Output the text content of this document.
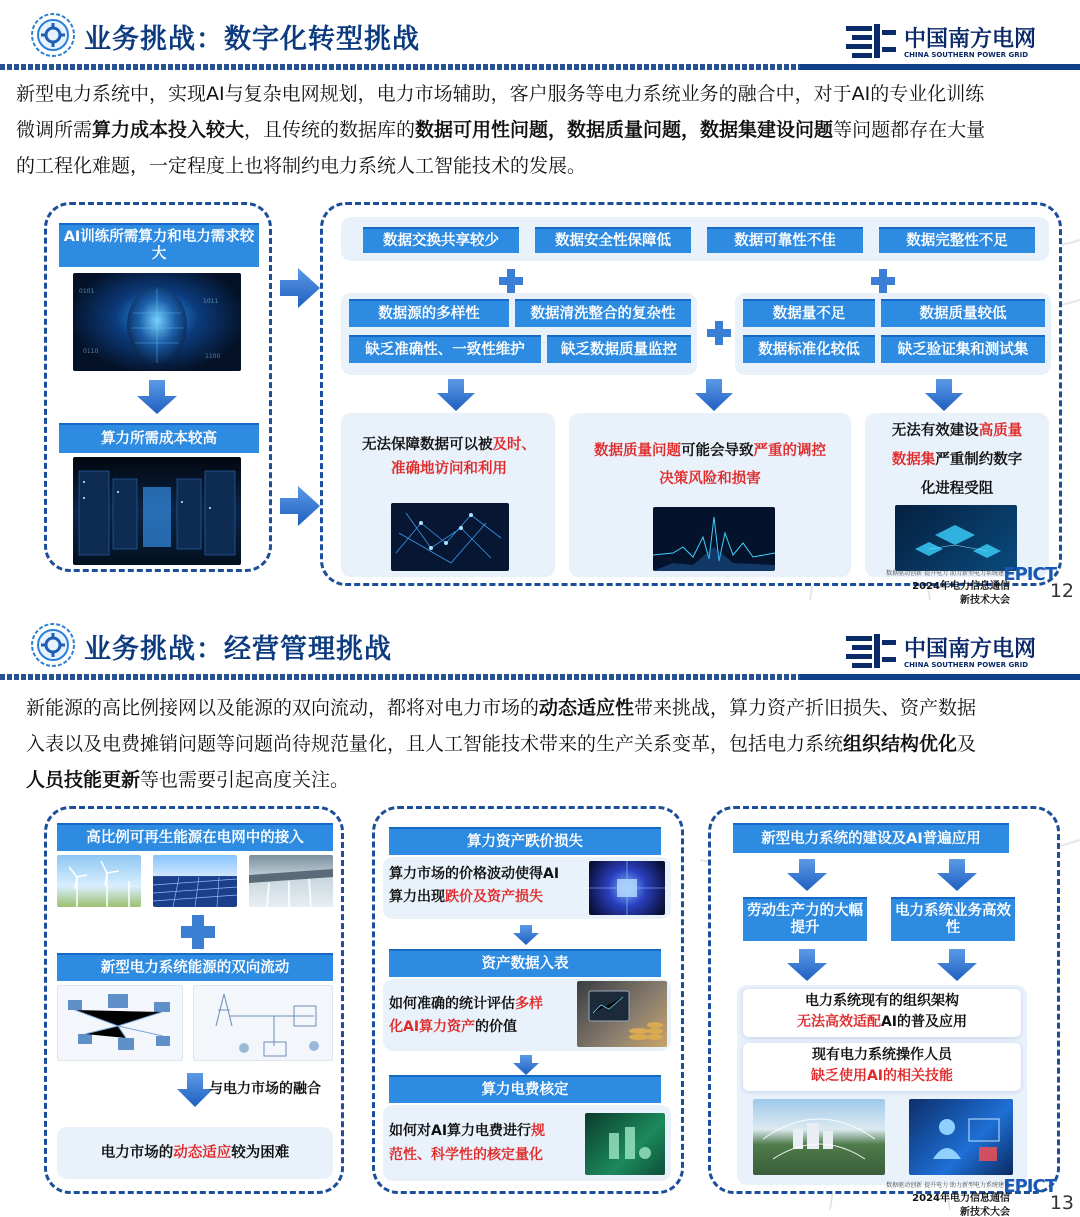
业务挑战：数字化转型挑战	中国南方电网
CHINA SOUTHERN POWER GRID
新型电力系统中，实现AI与复杂电网规划，电力市场辅助，客户服务等电力系统业务的融合中，对于AI的专业化训练
微调所需算力成本投入较大，且传统的数据库的数据可用性问题，数据质量问题，数据集建设问题等问题都存在大量
的工程化难题，一定程度上也将制约电力系统人工智能技术的发展。
AI训练所需算力和电力需求较大
0101
1011
0110
1100
算力所需成本较高
数据交换共享较少	数据安全性保障低	数据可靠性不佳	数据完整性不足
数据源的多样性	数据清洗整合的复杂性
缺乏准确性、一致性维护	缺乏数据质量监控
数据量不足	数据质量较低
数据标准化较低	缺乏验证集和测试集
无法保障数据可以被及时、
准确地访问和利用
数据质量问题可能会导致严重的调控
决策风险和损害
无法有效建设高质量
数据集严重制约数字
化进程受阻
数据驱动创新 提升电力 助力新型电力系统建设
2024年电力信息通信
新技术大会
EPICT
12
业务挑战：经营管理挑战	中国南方电网
CHINA SOUTHERN POWER GRID
新能源的高比例接网以及能源的双向流动，都将对电力市场的动态适应性带来挑战，算力资产折旧损失、资产数据
入表以及电费摊销问题等问题尚待规范量化，且人工智能技术带来的生产关系变革，包括电力系统组织结构优化及
人员技能更新等也需要引起高度关注。
高比例可再生能源在电网中的接入
新型电力系统能源的双向流动
与电力市场的融合
电力市场的动态适应较为困难
算力资产跌价损失
算力市场的价格波动使得AI
算力出现跌价及资产损失
资产数据入表
如何准确的统计评估多样
化AI算力资产的价值
算力电费核定
如何对AI算力电费进行规
范性、科学性的核定量化
新型电力系统的建设及AI普遍应用
劳动生产力的大幅提升
电力系统业务高效性
电力系统现有的组织架构
无法高效适配AI的普及应用
现有电力系统操作人员
缺乏使用AI的相关技能
数据驱动创新 提升电力 助力新型电力系统建设
2024年电力信息通信
新技术大会
EPICT
13
